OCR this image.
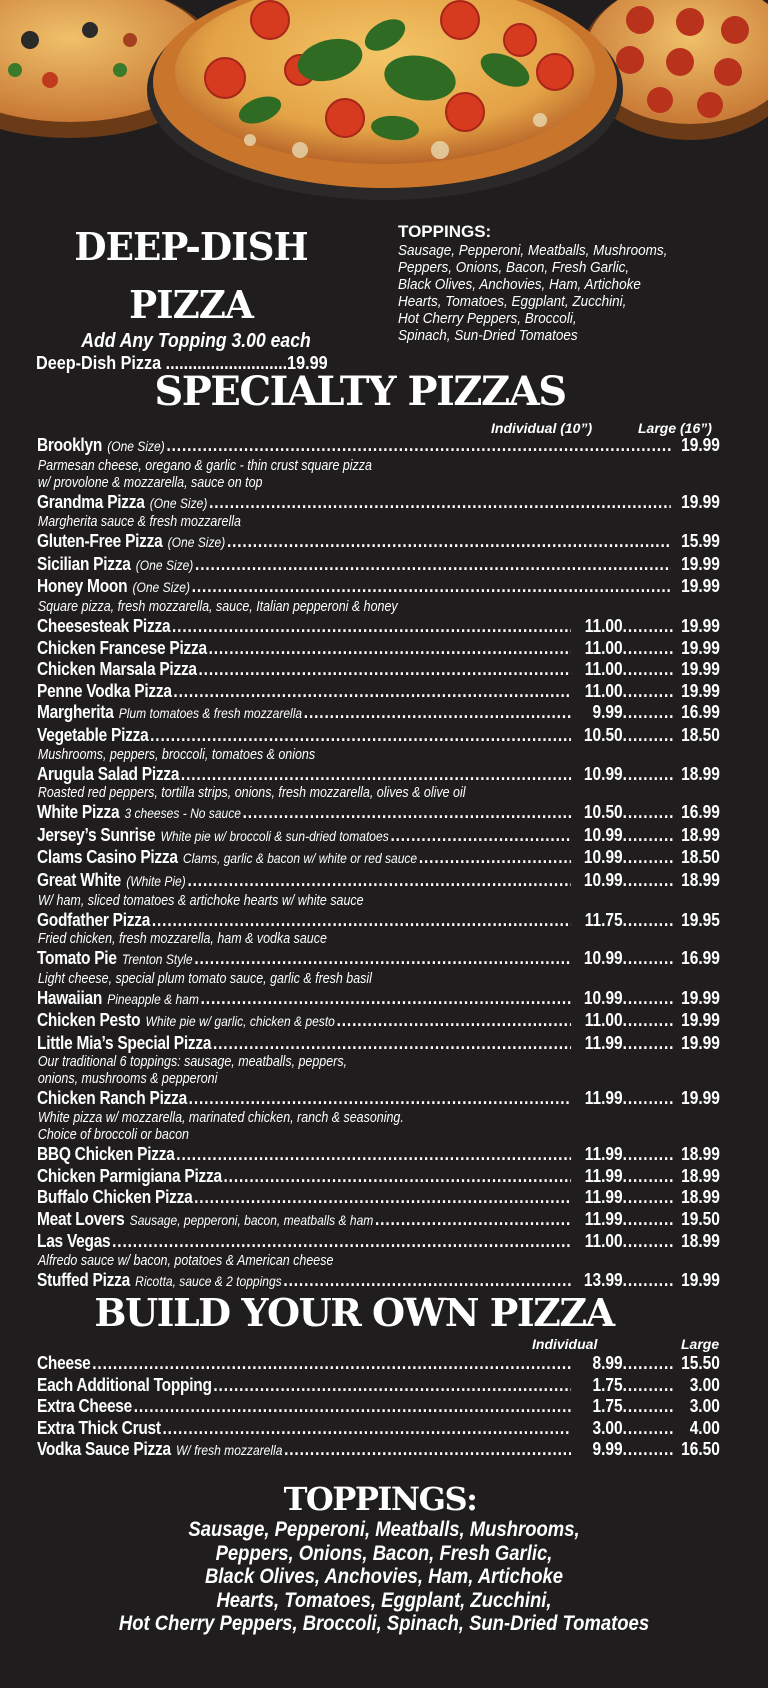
DEEP-DISH
PIZZA
Add Any Topping 3.00 each
Deep-Dish Pizza .....	19.99
TOPPINGS:
Sausage, Pepperoni, Meatballs, Mushrooms,
Peppers, Onions, Bacon, Fresh Garlic,
Black Olives, Anchovies, Ham, Artichoke
Hearts, Tomatoes, Eggplant, Zucchini,
Hot Cherry Peppers, Broccoli,
Spinach, Sun-Dried Tomatoes
SPECIALTY PIZZAS
Individual (10”)	Large (16”)
Brooklyn (One Size) .....	19.99
Parmesan cheese, oregano & garlic - thin crust square pizza
w/ provolone & mozzarella, sauce on top
Grandma Pizza (One Size) .....	19.99
Margherita sauce & fresh mozzarella
Gluten-Free Pizza (One Size) .....	15.99
Sicilian Pizza (One Size) .....	19.99
Honey Moon (One Size) .....	19.99
Square pizza, fresh mozzarella, sauce, Italian pepperoni & honey
Cheesesteak Pizza .....	11.00 .....	19.99
Chicken Francese Pizza .....	11.00 .....	19.99
Chicken Marsala Pizza .....	11.00 .....	19.99
Penne Vodka Pizza .....	11.00 .....	19.99
Margherita Plum tomatoes & fresh mozzarella .....	9.99 .....	16.99
Vegetable Pizza .....	10.50 .....	18.50
Mushrooms, peppers, broccoli, tomatoes & onions
Arugula Salad Pizza .....	10.99 .....	18.99
Roasted red peppers, tortilla strips, onions, fresh mozzarella, olives & olive oil
White Pizza 3 cheeses - No sauce .....	10.50 .....	16.99
Jersey’s Sunrise White pie w/ broccoli & sun-dried tomatoes .....	10.99 .....	18.99
Clams Casino Pizza Clams, garlic & bacon w/ white or red sauce .....	10.99 .....	18.50
Great White (White Pie) .....	10.99 .....	18.99
W/ ham, sliced tomatoes & artichoke hearts w/ white sauce
Godfather Pizza .....	11.75 .....	19.95
Fried chicken, fresh mozzarella, ham & vodka sauce
Tomato Pie Trenton Style .....	10.99 .....	16.99
Light cheese, special plum tomato sauce, garlic & fresh basil
Hawaiian Pineapple & ham .....	10.99 .....	19.99
Chicken Pesto White pie w/ garlic, chicken & pesto .....	11.00 .....	19.99
Little Mia’s Special Pizza .....	11.99 .....	19.99
Our traditional 6 toppings: sausage, meatballs, peppers,
onions, mushrooms & pepperoni
Chicken Ranch Pizza .....	11.99 .....	19.99
White pizza w/ mozzarella, marinated chicken, ranch & seasoning.
Choice of broccoli or bacon
BBQ Chicken Pizza .....	11.99 .....	18.99
Chicken Parmigiana Pizza .....	11.99 .....	18.99
Buffalo Chicken Pizza .....	11.99 .....	18.99
Meat Lovers Sausage, pepperoni, bacon, meatballs & ham .....	11.99 .....	19.50
Las Vegas .....	11.00 .....	18.99
Alfredo sauce w/ bacon, potatoes & American cheese
Stuffed Pizza Ricotta, sauce & 2 toppings .....	13.99 .....	19.99
BUILD YOUR OWN PIZZA
Individual	Large
Cheese .....	8.99 .....	15.50
Each Additional Topping .....	1.75 .....	3.00
Extra Cheese .....	1.75 .....	3.00
Extra Thick Crust .....	3.00 .....	4.00
Vodka Sauce Pizza W/ fresh mozzarella .....	9.99 .....	16.50
TOPPINGS:
Sausage, Pepperoni, Meatballs, Mushrooms,
Peppers, Onions, Bacon, Fresh Garlic,
Black Olives, Anchovies, Ham, Artichoke
Hearts, Tomatoes, Eggplant, Zucchini,
Hot Cherry Peppers, Broccoli, Spinach, Sun-Dried Tomatoes
